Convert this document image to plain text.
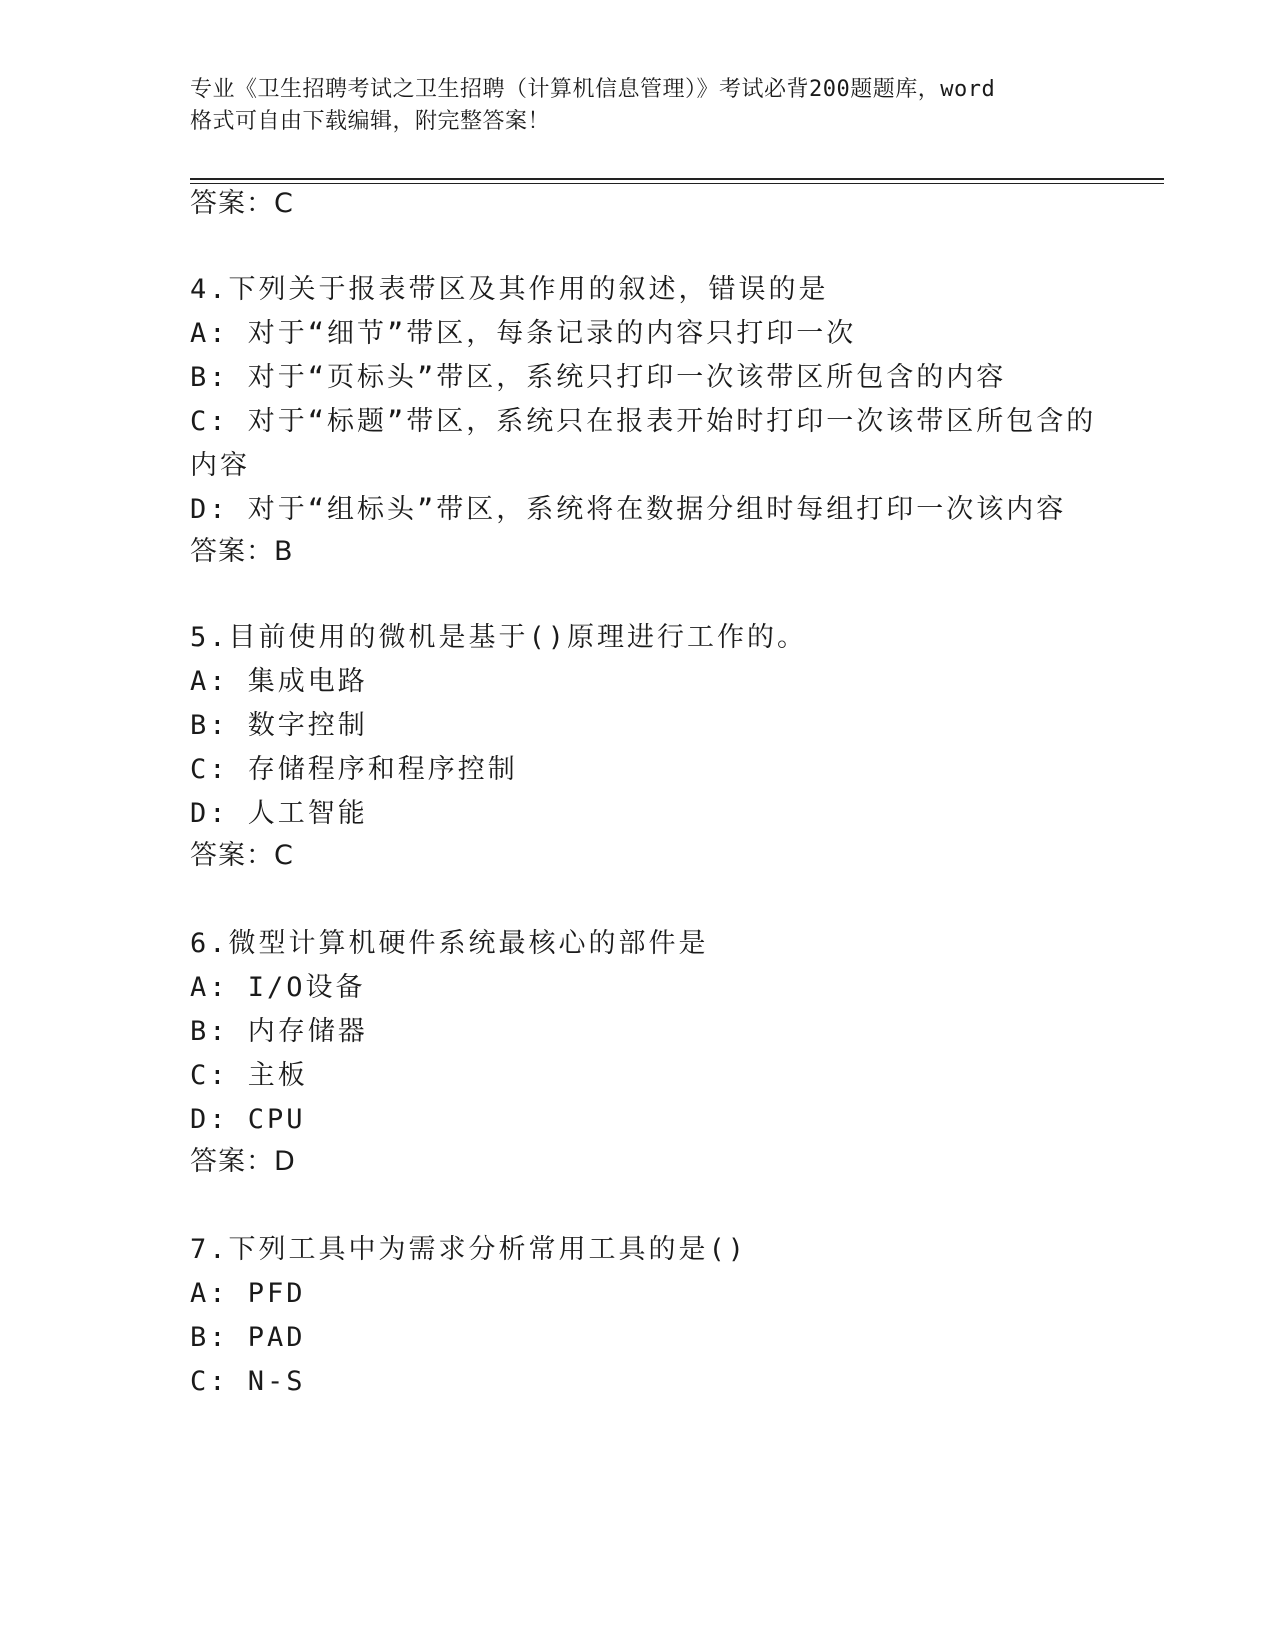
专业《卫生招聘考试之卫生招聘（计算机信息管理）》考试必背200题题库，word
格式可自由下载编辑，附完整答案！
答案：C
4.下列关于报表带区及其作用的叙述，错误的是
A: 对于“细节”带区，每条记录的内容只打印一次
B: 对于“页标头”带区，系统只打印一次该带区所包含的内容
C: 对于“标题”带区，系统只在报表开始时打印一次该带区所包含的
内容
D: 对于“组标头”带区，系统将在数据分组时每组打印一次该内容
答案：B
5.目前使用的微机是基于()原理进行工作的。
A: 集成电路
B: 数字控制
C: 存储程序和程序控制
D: 人工智能
答案：C
6.微型计算机硬件系统最核心的部件是
A: I/O设备
B: 内存储器
C: 主板
D: CPU
答案：D
7.下列工具中为需求分析常用工具的是()
A: PFD
B: PAD
C: N-S
